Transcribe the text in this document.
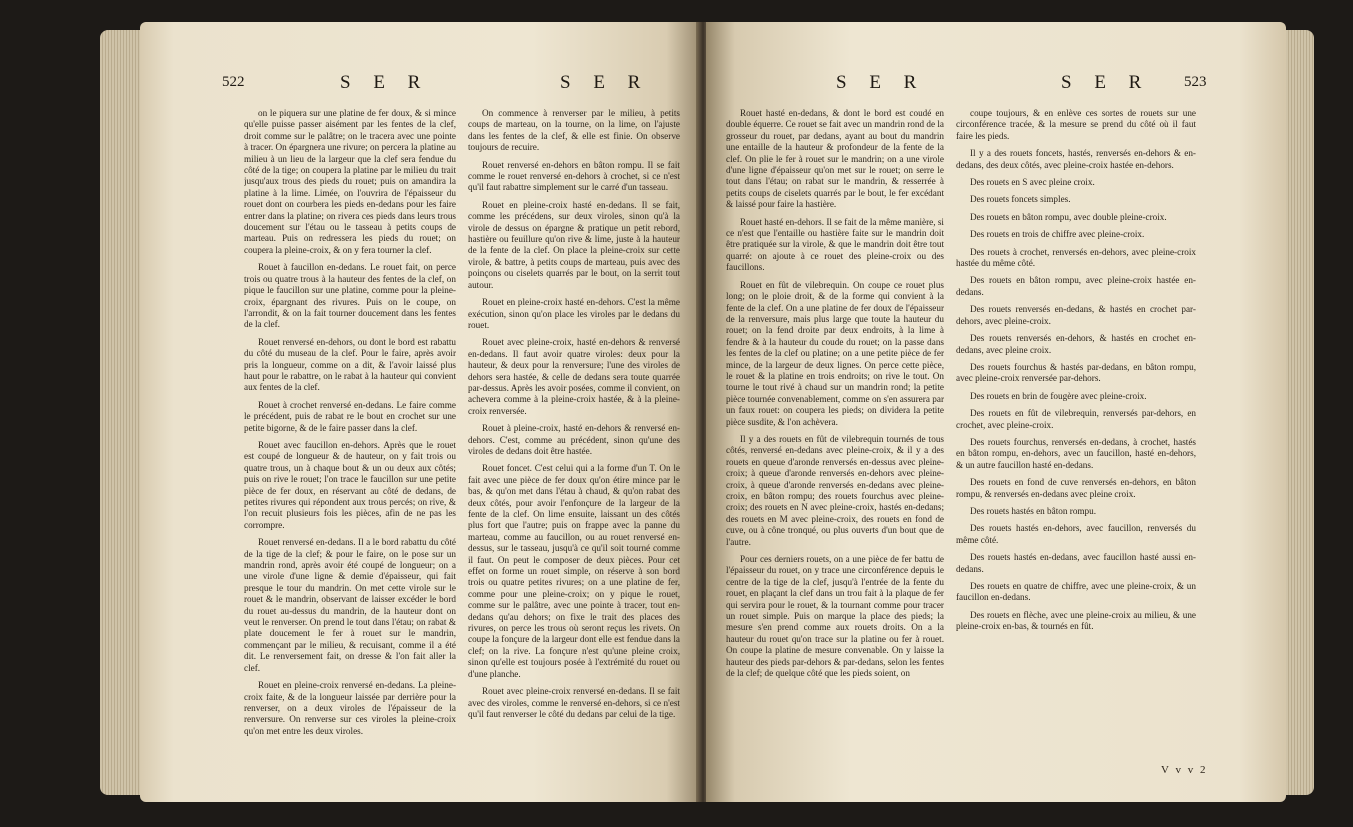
522	S E R	S E R

on le piquera sur une platine de fer doux, & si mince qu'elle puisse passer aisément par les fentes de la clef, droit comme sur le palâtre; on le tracera avec une pointe à tracer. On épargnera une rivure; on percera la platine au milieu à un lieu de la largeur que la clef sera fendue du côté de la tige; on coupera la platine par le milieu du trait jusqu'aux trous des pieds du rouet; puis on amandira la platine à la lime. Limée, on l'ouvrira de l'épaisseur du rouet dont on courbera les pieds en-dedans pour les faire entrer dans la platine; on rivera ces pieds dans leurs trous doucement sur l'étau ou le tasseau à petits coups de marteau. Puis on redressera les pieds du rouet; on coupera la pleine-croix, & on y fera tourner la clef.

Rouet à faucillon en-dedans. Le rouet fait, on perce trois ou quatre trous à la hauteur des fentes de la clef, on pique le faucillon sur une platine, comme pour la pleine-croix, épargnant des rivures. Puis on le coupe, on l'arrondit, & on la fait tourner doucement dans les fentes de la clef.

Rouet renversé en-dehors, ou dont le bord est rabattu du côté du museau de la clef. Pour le faire, après avoir pris la longueur, comme on a dit, & l'avoir laissé plus haut pour le rabattre, on le rabat à la hauteur qui convient aux fentes de la clef.

Rouet à crochet renversé en-dedans. Le faire comme le précédent, puis de rabat re le bout en crochet sur une petite bigorne, & de le faire passer dans la clef.

Rouet avec faucillon en-dehors. Après que le rouet est coupé de longueur & de hauteur, on y fait trois ou quatre trous, un à chaque bout & un ou deux aux côtés; puis on rive le rouet; l'on trace le faucillon sur une petite pièce de fer doux, en réservant au côté de dedans, de petites rivures qui répondent aux trous percés; on rive, & l'on recuit plusieurs fois les pièces, afin de ne pas les corrompre.

Rouet renversé en-dedans. Il a le bord rabattu du côté de la tige de la clef; & pour le faire, on le pose sur un mandrin rond, après avoir été coupé de longueur; on a une virole d'une ligne & demie d'épaisseur, qui fait presque le tour du mandrin. On met cette virole sur le rouet & le mandrin, observant de laisser excéder le bord du rouet au-dessus du mandrin, de la hauteur dont on veut le renverser. On prend le tout dans l'étau; on rabat & plate doucement le fer à rouet sur le mandrin, commençant par le milieu, & recuisant, comme il a été dit. Le renversement fait, on dresse & l'on fait aller la clef.

Rouet en pleine-croix renversé en-dedans. La pleine-croix faite, & de la longueur laissée par derrière pour la renverser, on a deux viroles de l'épaisseur de la renversure. On renverse sur ces viroles la pleine-croix qu'on met entre les deux viroles.

On commence à renverser par le milieu, à petits coups de marteau, on la tourne, on la lime, on l'ajuste dans les fentes de la clef, & elle est finie. On observe toujours de recuire.

Rouet renversé en-dehors en bâton rompu. Il se fait comme le rouet renversé en-dehors à crochet, si ce n'est qu'il faut rabattre simplement sur le carré d'un tasseau.

Rouet en pleine-croix hasté en-dedans. Il se fait, comme les précédens, sur deux viroles, sinon qu'à la virole de dessus on épargne & pratique un petit rebord, hastière ou feuillure qu'on rive & lime, juste à la hauteur de la fente de la clef. On place la pleine-croix sur cette virole, & battre, à petits coups de marteau, puis avec des poinçons ou ciselets quarrés par le bout, on la serrit tout autour.

Rouet en pleine-croix hasté en-dehors. C'est la même exécution, sinon qu'on place les viroles par le dedans du rouet.

Rouet avec pleine-croix, hasté en-dehors & renversé en-dedans. Il faut avoir quatre viroles: deux pour la hauteur, & deux pour la renversure; l'une des viroles de dehors sera hastée, & celle de dedans sera toute quarrée par-dessus. Après les avoir posées, comme il convient, on achevera comme à la pleine-croix hastée, & à la pleine-croix renversée.

Rouet à pleine-croix, hasté en-dehors & renversé en-dehors. C'est, comme au précédent, sinon qu'une des viroles de dedans doit être hastée.

Rouet foncet. C'est celui qui a la forme d'un T. On le fait avec une pièce de fer doux qu'on étire mince par le bas, & qu'on met dans l'étau à chaud, & qu'on rabat des deux côtés, pour avoir l'enfonçure de la largeur de la fente de la clef. On lime ensuite, laissant un des côtés plus fort que l'autre; puis on frappe avec la panne du marteau, comme au faucillon, ou au rouet renversé en-dessus, sur le tasseau, jusqu'à ce qu'il soit tourné comme il faut. On peut le composer de deux pièces. Pour cet effet on forme un rouet simple, on réserve à son bord trois ou quatre petites rivures; on a une platine de fer, comme pour une pleine-croix; on y pique le rouet, comme sur le palâtre, avec une pointe à tracer, tout en-dedans qu'au dehors; on fixe le trait des places des rivures, on perce les trous où seront reçus les rivets. On coupe la fonçure de la largeur dont elle est fendue dans la clef; on la rive. La fonçure n'est qu'une pleine croix, sinon qu'elle est toujours posée à l'extrémité du rouet ou d'une planche.

Rouet avec pleine-croix renversé en-dedans. Il se fait avec des viroles, comme le renversé en-dehors, si ce n'est qu'il faut renverser le côté du dedans par celui de la tige.

S E R	S E R 523

Rouet hasté en-dedans, & dont le bord est coudé en double équerre. Ce rouet se fait avec un mandrin rond de la grosseur du rouet, par dedans, ayant au bout du mandrin une entaille de la hauteur & profondeur de la fente de la clef. On plie le fer à rouet sur le mandrin; on a une virole d'une ligne d'épaisseur qu'on met sur le rouet; on serre le tout dans l'étau; on rabat sur le mandrin, & resserrée à petits coups de ciselets quarrés par le bout, le fer excédant & laissé pour faire la hastière.

Rouet hasté en-dehors. Il se fait de la même manière, si ce n'est que l'entaille ou hastière faite sur le mandrin doit être pratiquée sur la virole, & que le mandrin doit être tout quarré: on ajoute à ce rouet des pleine-croix ou des faucillons.

Rouet en fût de vilebrequin. On coupe ce rouet plus long; on le ploie droit, & de la forme qui convient à la fente de la clef. On a une platine de fer doux de l'épaisseur de la renversure, mais plus large que toute la hauteur du rouet; on la fend droite par deux endroits, à la lime à fendre & à la hauteur du coude du rouet; on la passe dans les fentes de la clef ou platine; on a une petite pièce de fer mince, de la largeur de deux lignes. On perce cette pièce, le rouet & la platine en trois endroits; on rive le tout. On tourne le tout rivé à chaud sur un mandrin rond; la petite pièce tournée convenablement, comme on s'en assurera par un faux rouet: on coupera les pieds; on dividera la petite pièce susdite, & l'on achèvera.

Il y a des rouets en fût de vilebrequin tournés de tous côtés, renversé en-dedans avec pleine-croix, & il y a des rouets en queue d'aronde renversés en-dessus avec pleine-croix; à queue d'aronde renversés en-dehors avec pleine-croix, à queue d'aronde renversés en-dedans avec pleine-croix, en bâton rompu; des rouets fourchus avec pleine-croix; des rouets en N avec pleine-croix, hastés en-dedans; des rouets en M avec pleine-croix, des rouets en fond de cuve, ou à cône tronqué, ou plus ouverts d'un bout que de l'autre.

Pour ces derniers rouets, on a une pièce de fer battu de l'épaisseur du rouet, on y trace une circonférence depuis le centre de la tige de la clef, jusqu'à l'entrée de la fente du rouet, en plaçant la clef dans un trou fait à la plaque de fer qui servira pour le rouet, & la tournant comme pour tracer un rouet simple. Puis on marque la place des pieds; la mesure s'en prend comme aux rouets droits. On a la hauteur du rouet qu'on trace sur la platine ou fer à rouet. On coupe la platine de mesure convenable. On y laisse la hauteur des pieds par-dehors & par-dedans, selon les fentes de la clef; de quelque côté que les pieds soient, on

coupe toujours, & en enlève ces sortes de rouets sur une circonférence tracée, & la mesure se prend du côté où il faut faire les pieds.

Il y a des rouets foncets, hastés, renversés en-dehors & en-dedans, des deux côtés, avec pleine-croix hastée en-dehors.

Des rouets en S avec pleine croix.

Des rouets foncets simples.

Des rouets en bâton rompu, avec double pleine-croix.

Des rouets en trois de chiffre avec pleine-croix.

Des rouets à crochet, renversés en-dehors, avec pleine-croix hastée du même côté.

Des rouets en bâton rompu, avec pleine-croix hastée en-dedans.

Des rouets renversés en-dedans, & hastés en crochet par-dehors, avec pleine-croix.

Des rouets renversés en-dehors, & hastés en crochet en-dedans, avec pleine croix.

Des rouets fourchus & hastés par-dedans, en bâton rompu, avec pleine-croix renversée par-dehors.

Des rouets en brin de fougère avec pleine-croix.

Des rouets en fût de vilebrequin, renversés par-dehors, en crochet, avec pleine-croix.

Des rouets fourchus, renversés en-dedans, à crochet, hastés en bâton rompu, en-dehors, avec un faucillon, hasté en-dehors, & un autre faucillon hasté en-dedans.

Des rouets en fond de cuve renversés en-dehors, en bâton rompu, & renversés en-dedans avec pleine croix.

Des rouets hastés en bâton rompu.

Des rouets hastés en-dehors, avec faucillon, renversés du même côté.

Des rouets hastés en-dedans, avec faucillon hasté aussi en-dedans.

Des rouets en quatre de chiffre, avec une pleine-croix, & un faucillon en-dedans.

Des rouets en flèche, avec une pleine-croix au milieu, & une pleine-croix en-bas, & tournés en fût.

V v v 2
